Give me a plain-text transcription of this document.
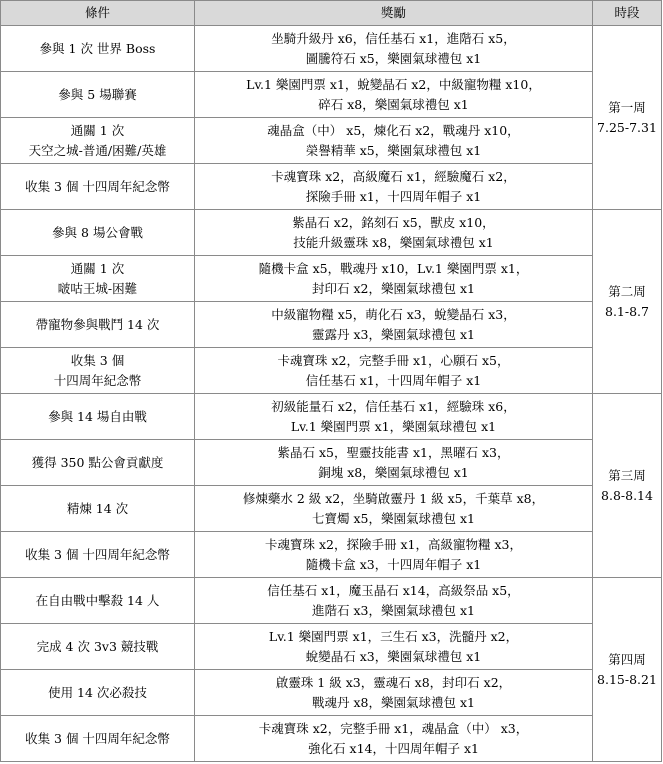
條件	獎勵	時段

參與 1 次 世界 Boss	坐騎升級丹 x6，信任基石 x1，進階石 x5，
圖騰符石 x5，樂園氣球禮包 x1	第一周
7.25-7.31

參與 5 場聯賽	Lv.1 樂園門票 x1，蛻變晶石 x2，中級寵物糧 x10，
碎石 x8，樂園氣球禮包 x1	

通關 1 次
天空之城-普通/困難/英雄	魂晶盒（中） x5，煉化石 x2，戰魂丹 x10，
榮譽精華 x5，樂園氣球禮包 x1	

收集 3 個 十四周年紀念幣	卡魂寶珠 x2，高級魔石 x1，經驗魔石 x2，
探險手冊 x1，十四周年帽子 x1	

參與 8 場公會戰	紫晶石 x2，銘刻石 x5，獸皮 x10，
技能升級靈珠 x8，樂園氣球禮包 x1	第二周
8.1-8.7

通關 1 次
啵咕王城-困難	隨機卡盒 x5，戰魂丹 x10，Lv.1 樂園門票 x1，
封印石 x2，樂園氣球禮包 x1	

帶寵物參與戰鬥 14 次	中級寵物糧 x5，萌化石 x3，蛻變晶石 x3，
靈露丹 x3，樂園氣球禮包 x1	

收集 3 個
十四周年紀念幣	卡魂寶珠 x2，完整手冊 x1，心願石 x5，
信任基石 x1，十四周年帽子 x1	

參與 14 場自由戰	初級能量石 x2，信任基石 x1，經驗珠 x6，
Lv.1 樂園門票 x1，樂園氣球禮包 x1	第三周
8.8-8.14

獲得 350 點公會貢獻度	紫晶石 x5，聖靈技能書 x1，黑曜石 x3，
銅塊 x8，樂園氣球禮包 x1	

精煉 14 次	修煉藥水 2 級 x2，坐騎啟靈丹 1 級 x5，千葉草 x8，
七寶燭 x5，樂園氣球禮包 x1	

收集 3 個 十四周年紀念幣	卡魂寶珠 x2，探險手冊 x1，高級寵物糧 x3，
隨機卡盒 x3，十四周年帽子 x1	

在自由戰中擊殺 14 人	信任基石 x1，魔玉晶石 x14，高級祭品 x5，
進階石 x3，樂園氣球禮包 x1	第四周
8.15-8.21

完成 4 次 3v3 競技戰	Lv.1 樂園門票 x1，三生石 x3，洗髓丹 x2，
蛻變晶石 x3，樂園氣球禮包 x1	

使用 14 次必殺技	啟靈珠 1 級 x3，靈魂石 x8，封印石 x2，
戰魂丹 x8，樂園氣球禮包 x1	

收集 3 個 十四周年紀念幣	卡魂寶珠 x2，完整手冊 x1，魂晶盒（中） x3，
強化石 x14，十四周年帽子 x1	
